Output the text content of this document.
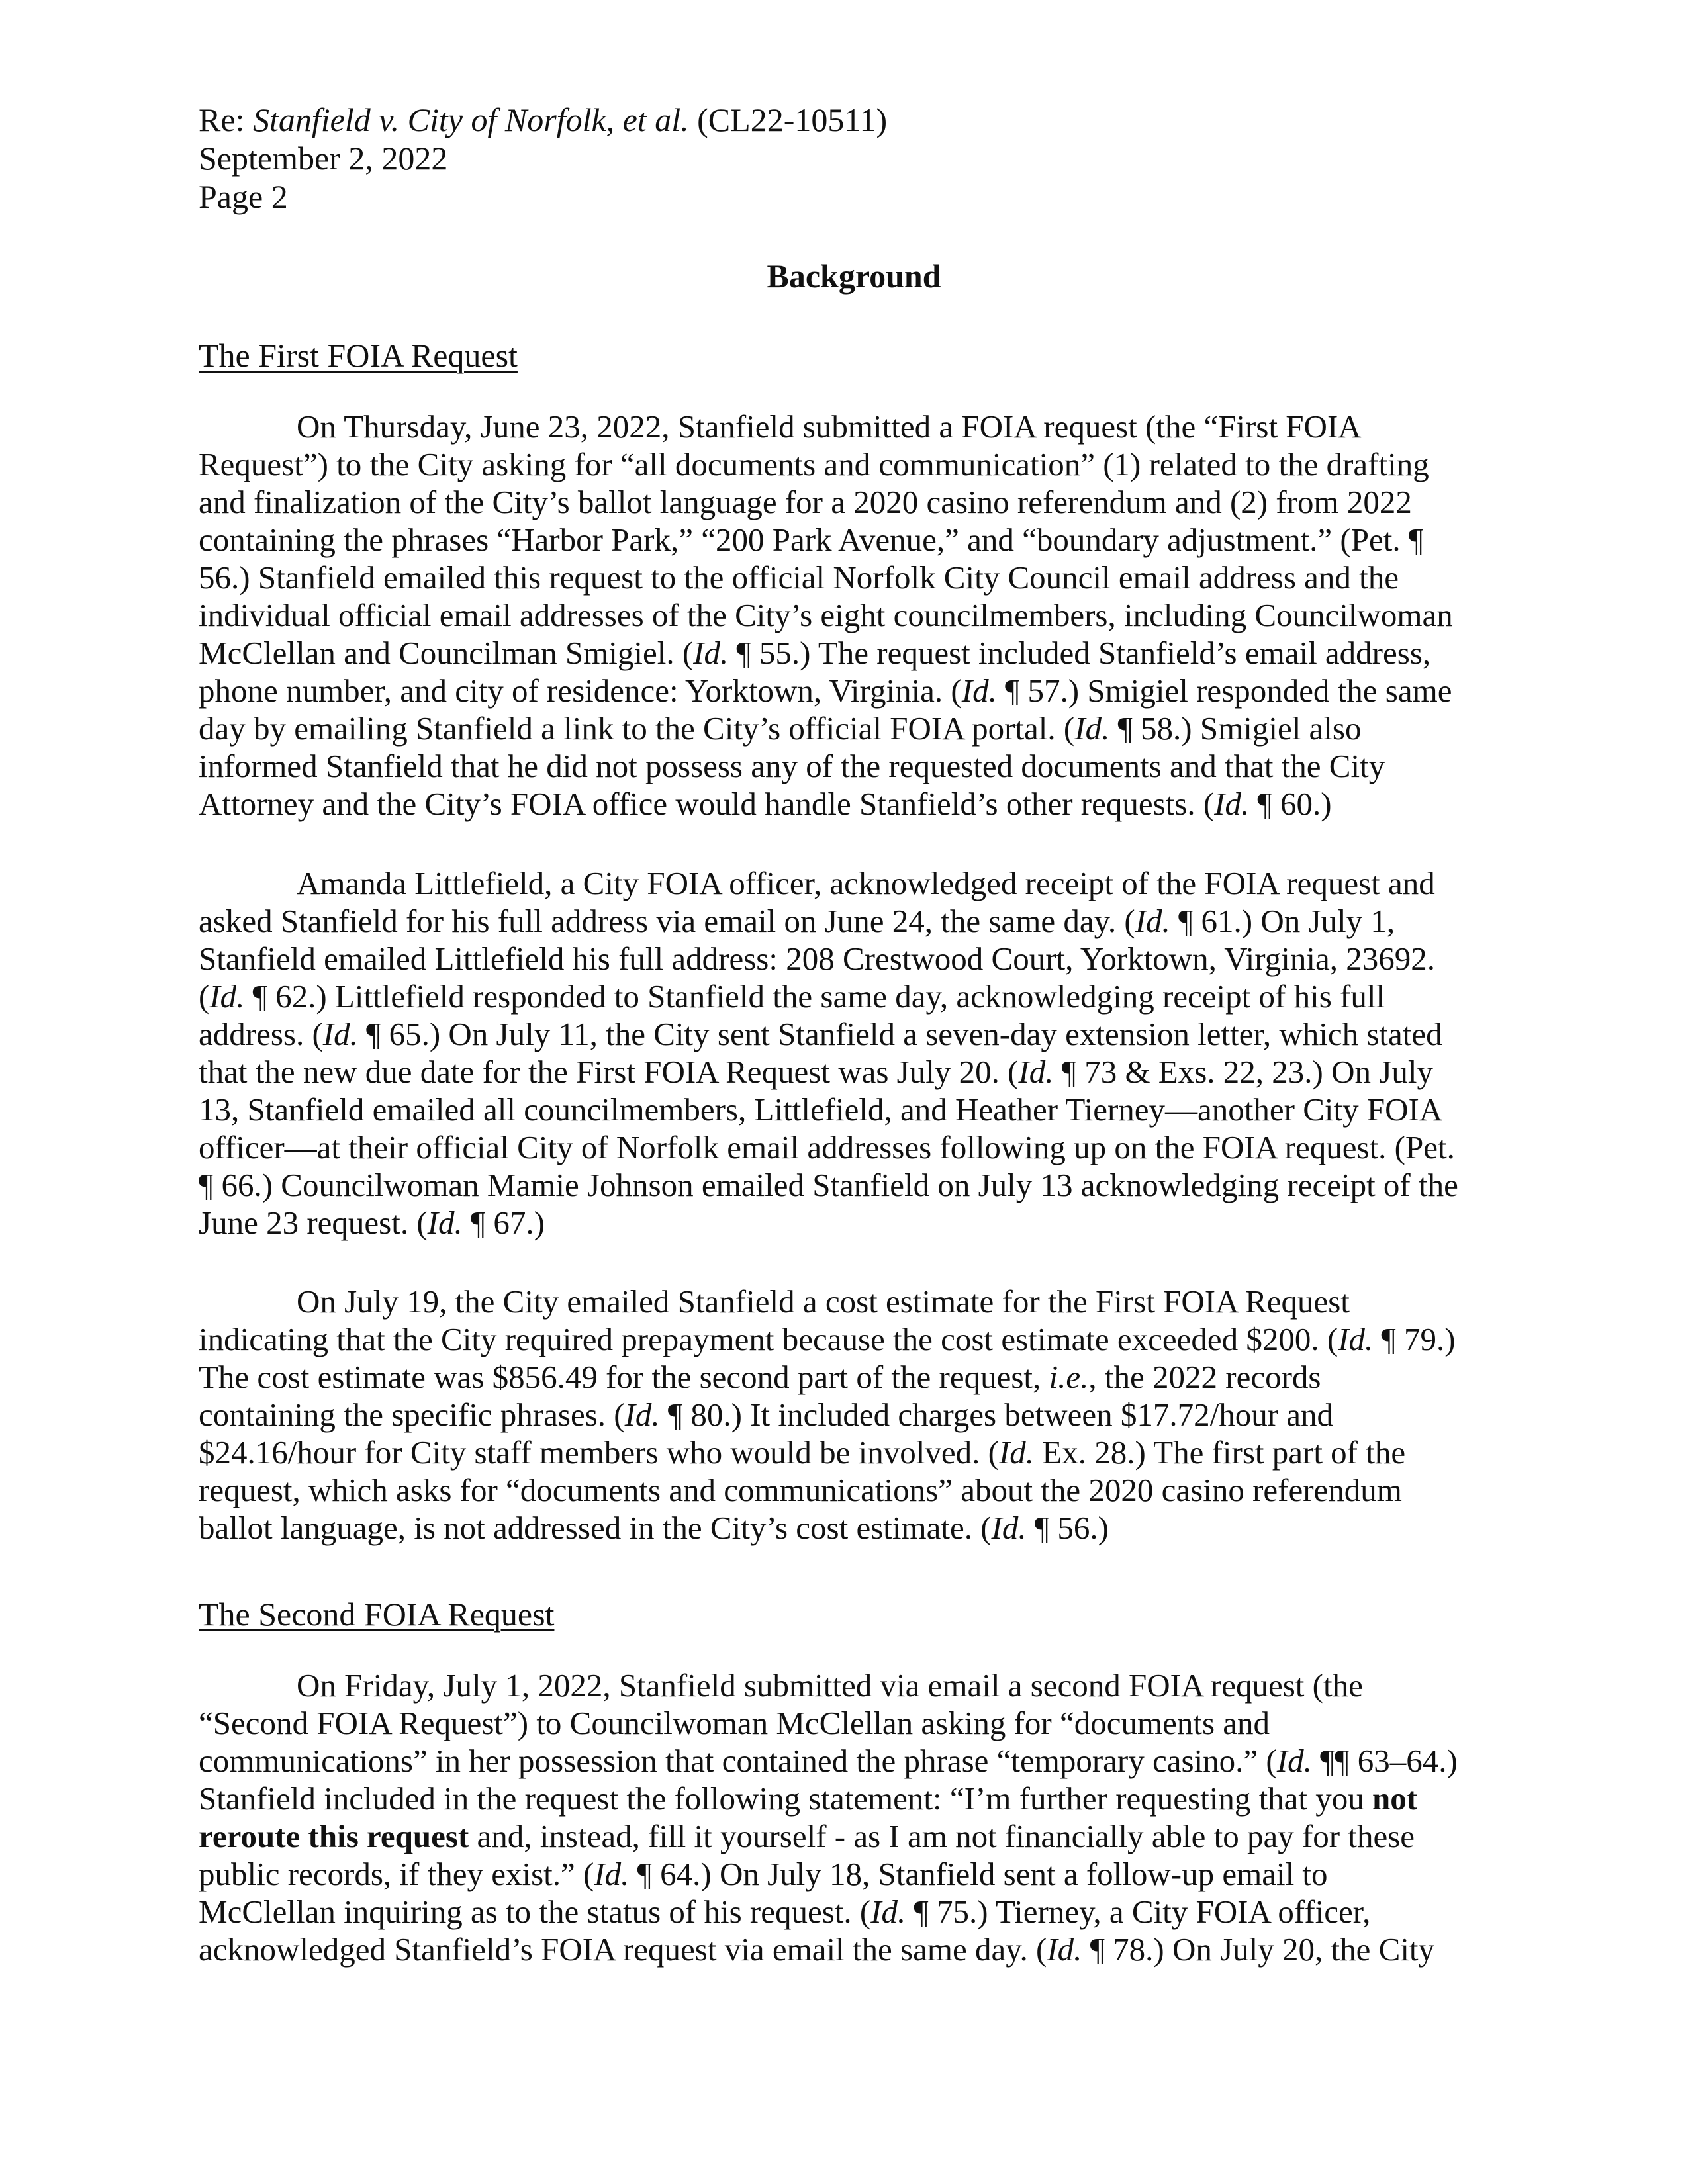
Re: Stanfield v. City of Norfolk, et al. (CL22-10511)
September 2, 2022
Page 2
Background
The First FOIA Request
On Thursday, June 23, 2022, Stanfield submitted a FOIA request (the “First FOIA
Request”) to the City asking for “all documents and communication” (1) related to the drafting
and finalization of the City’s ballot language for a 2020 casino referendum and (2) from 2022
containing the phrases “Harbor Park,” “200 Park Avenue,” and “boundary adjustment.” (Pet. ¶
56.) Stanfield emailed this request to the official Norfolk City Council email address and the
individual official email addresses of the City’s eight councilmembers, including Councilwoman
McClellan and Councilman Smigiel. (Id. ¶ 55.) The request included Stanfield’s email address,
phone number, and city of residence: Yorktown, Virginia. (Id. ¶ 57.) Smigiel responded the same
day by emailing Stanfield a link to the City’s official FOIA portal. (Id. ¶ 58.) Smigiel also
informed Stanfield that he did not possess any of the requested documents and that the City
Attorney and the City’s FOIA office would handle Stanfield’s other requests. (Id. ¶ 60.)
Amanda Littlefield, a City FOIA officer, acknowledged receipt of the FOIA request and
asked Stanfield for his full address via email on June 24, the same day. (Id. ¶ 61.) On July 1,
Stanfield emailed Littlefield his full address: 208 Crestwood Court, Yorktown, Virginia, 23692.
(Id. ¶ 62.) Littlefield responded to Stanfield the same day, acknowledging receipt of his full
address. (Id. ¶ 65.) On July 11, the City sent Stanfield a seven-day extension letter, which stated
that the new due date for the First FOIA Request was July 20. (Id. ¶ 73 & Exs. 22, 23.) On July
13, Stanfield emailed all councilmembers, Littlefield, and Heather Tierney—another City FOIA
officer—at their official City of Norfolk email addresses following up on the FOIA request. (Pet.
¶ 66.) Councilwoman Mamie Johnson emailed Stanfield on July 13 acknowledging receipt of the
June 23 request. (Id. ¶ 67.)
On July 19, the City emailed Stanfield a cost estimate for the First FOIA Request
indicating that the City required prepayment because the cost estimate exceeded $200. (Id. ¶ 79.)
The cost estimate was $856.49 for the second part of the request, i.e., the 2022 records
containing the specific phrases. (Id. ¶ 80.) It included charges between $17.72/hour and
$24.16/hour for City staff members who would be involved. (Id. Ex. 28.) The first part of the
request, which asks for “documents and communications” about the 2020 casino referendum
ballot language, is not addressed in the City’s cost estimate. (Id. ¶ 56.)
The Second FOIA Request
On Friday, July 1, 2022, Stanfield submitted via email a second FOIA request (the
“Second FOIA Request”) to Councilwoman McClellan asking for “documents and
communications” in her possession that contained the phrase “temporary casino.” (Id. ¶¶ 63–64.)
Stanfield included in the request the following statement: “I’m further requesting that you not
reroute this request and, instead, fill it yourself - as I am not financially able to pay for these
public records, if they exist.” (Id. ¶ 64.) On July 18, Stanfield sent a follow-up email to
McClellan inquiring as to the status of his request. (Id. ¶ 75.) Tierney, a City FOIA officer,
acknowledged Stanfield’s FOIA request via email the same day. (Id. ¶ 78.) On July 20, the City
